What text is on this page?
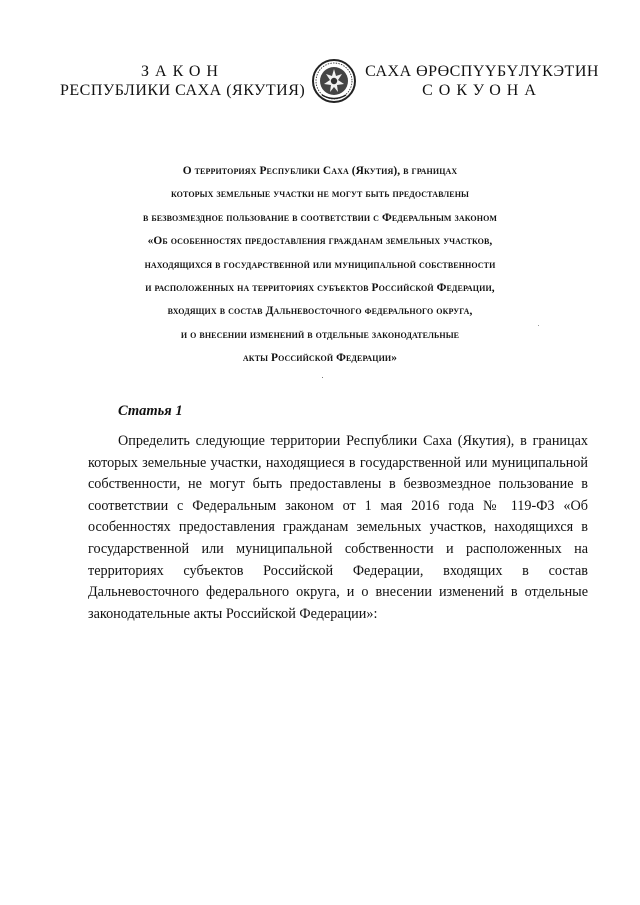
ЗАКОН
РЕСПУБЛИКИ САХА (ЯКУТИЯ)
САХА ӨРӨСПҮҮБҮЛҮКЭТИН
СОКУОНА
О территориях Республики Саха (Якутия), в границах
которых земельные участки не могут быть предоставлены
в безвозмездное пользование в соответствии с Федеральным законом
«Об особенностях предоставления гражданам земельных участков,
находящихся в государственной или муниципальной собственности
и расположенных на территориях субъектов Российской Федерации,
входящих в состав Дальневосточного федерального округа,
и о внесении изменений в отдельные законодательные
акты Российской Федерации»
Статья 1
Определить следующие территории Республики Саха (Якутия), в границах которых земельные участки, находящиеся в государственной или муниципальной собственности, не могут быть предоставлены в безвозмездное пользование в соответствии с Федеральным законом от 1 мая 2016 года № 119-ФЗ «Об особенностях предоставления гражданам земельных участков, находящихся в государственной или муниципальной собственности и расположенных на территориях субъектов Российской Федерации, входящих в состав Дальневосточного федерального округа, и о внесении изменений в отдельные законодательные акты Российской Федерации»:
